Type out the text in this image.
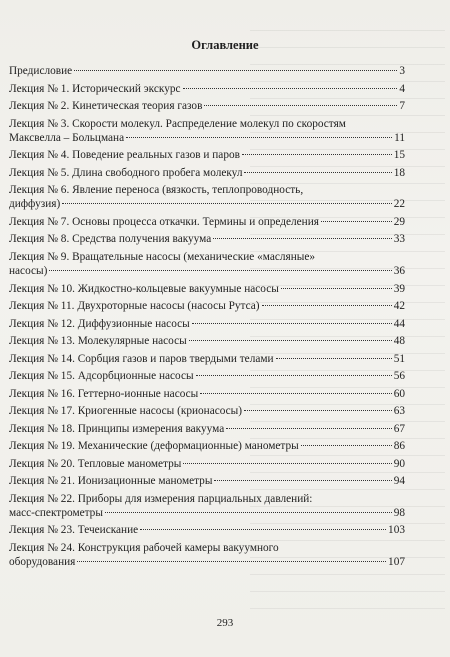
Оглавление
Предисловие	3
Лекция № 1. Исторический экскурс	4
Лекция № 2. Кинетическая теория газов	7
Лекция № 3. Скорости молекул. Распределение молекул по скоростям
Максвелла – Больцмана	11
Лекция № 4. Поведение реальных газов и паров	15
Лекция № 5. Длина свободного пробега молекул	18
Лекция № 6. Явление переноса (вязкость, теплопроводность,
диффузия)	22
Лекция № 7. Основы процесса откачки. Термины и определения	29
Лекция № 8. Средства получения вакуума	33
Лекция № 9. Вращательные насосы (механические «масляные»
насосы)	36
Лекция № 10. Жидкостно-кольцевые вакуумные насосы	39
Лекция № 11. Двухроторные насосы (насосы Рутса)	42
Лекция № 12. Диффузионные насосы	44
Лекция № 13. Молекулярные насосы	48
Лекция № 14. Сорбция газов и паров твердыми телами	51
Лекция № 15. Адсорбционные насосы	56
Лекция № 16. Геттерно-ионные насосы	60
Лекция № 17. Криогенные насосы (крионасосы)	63
Лекция № 18. Принципы измерения вакуума	67
Лекция № 19. Механические (деформационные) манометры	86
Лекция № 20. Тепловые манометры	90
Лекция № 21. Ионизационные манометры	94
Лекция № 22. Приборы для измерения парциальных давлений:
масс-спектрометры	98
Лекция № 23. Течеискание	103
Лекция № 24. Конструкция рабочей камеры вакуумного
оборудования	107
293
